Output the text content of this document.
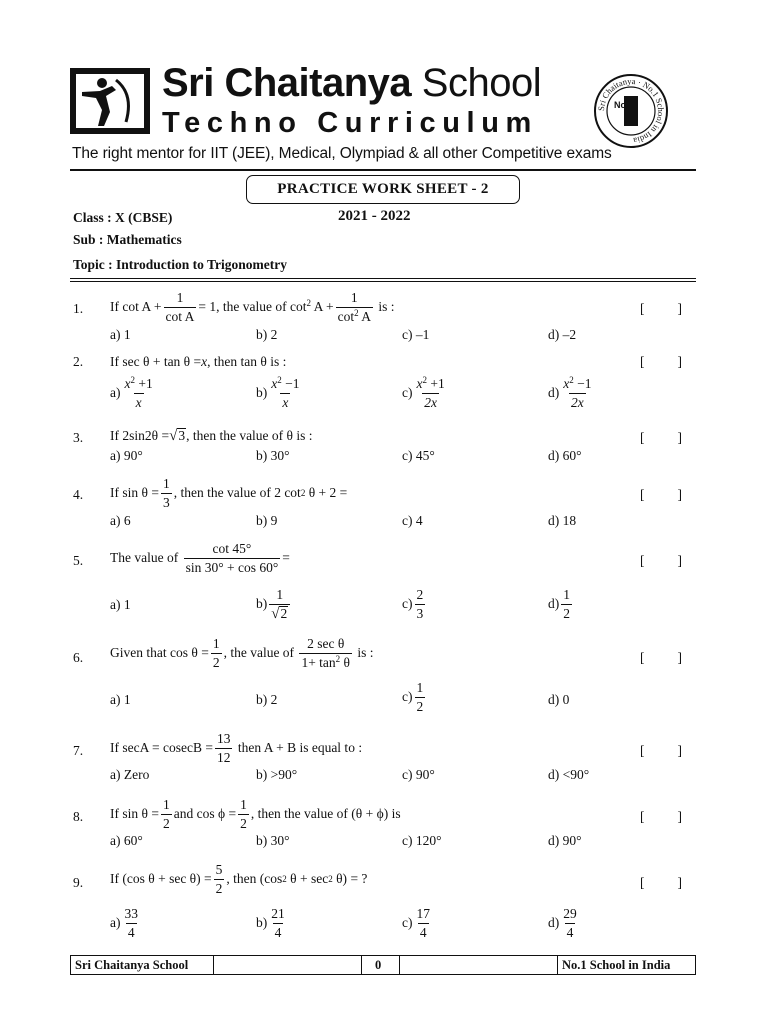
Sri Chaitanya School
Techno Curriculum	Sri Chaitanya · No.1 School in India
No
The right mentor for IIT (JEE), Medical, Olympiad & all other Competitive exams
PRACTICE WORK SHEET - 2
Class : X (CBSE)	2021 - 2022
Sub : Mathematics
Topic : Introduction to Trigonometry
1. If
$\cot A + \frac{1}{\text{cot A}} = 1$ , the value of
$\cot^2 A + \frac{1}{\cot^2 A}$
is :	[ ]
a) 1	b) 2	c) –1	d) –2
2. If
sec θ + tan θ = x , then
tan θ
is :	[ ]
$a) \frac{x^2 +1}{x}$	$b) \frac{x^2 -1}{x}$	$c) \frac{x^2 +1}{2x}$	$d) \frac{x^2 -1}{2x}$
3. If
2sin2θ = √ 3 ,
then the value of
θ
is :	[ ]
a) 90°	b) 30°	c) 45°	d) 60°
4. If
$\sin \theta = \frac{1}{3}$ , then the value of
2 cot 2 θ + 2 =	[ ]
a) 6	b) 9	c) 4	d) 18
5. The value of
$\frac{\cot 45^\circ}{\sin 30^\circ + \cos 60^\circ}$ =	[ ]
a) 1	$b) \frac{1}{√ 2}$	$c) \frac{2}{3}$	$d) \frac{1}{2}$
6. Given that
$\cos \theta = \frac{1}{2}$ , the value of
$\frac{\text{2 sec θ}}{1+ \tan^2 \theta}$
is :	[ ]
a) 1	b) 2	$c) \frac{1}{2}$	d) 0
7. If $\sec A = cosecB = \frac{13}{12}$
then A + B is equal to :	[ ]
a) Zero	b) >90°	c) 90°	d) <90°
8. If
$\sin \theta = \frac{1}{2}$ and
$\cos \phi = \frac{1}{2}$ , then the value of
(θ + ϕ)
is	[ ]
a) 60°	b) 30°	c) 120°	d) 90°
9. If
(cos $\theta + \sec \theta) = \frac{5}{2}$ , then
(cos 2 θ + sec 2 θ)
= ?	[ ]
$a) \frac{33}{4}$	$b) \frac{21}{4}$	$c) \frac{17}{4}$	$d) \frac{29}{4}$
Sri Chaitanya School	0	No.1 School in India
